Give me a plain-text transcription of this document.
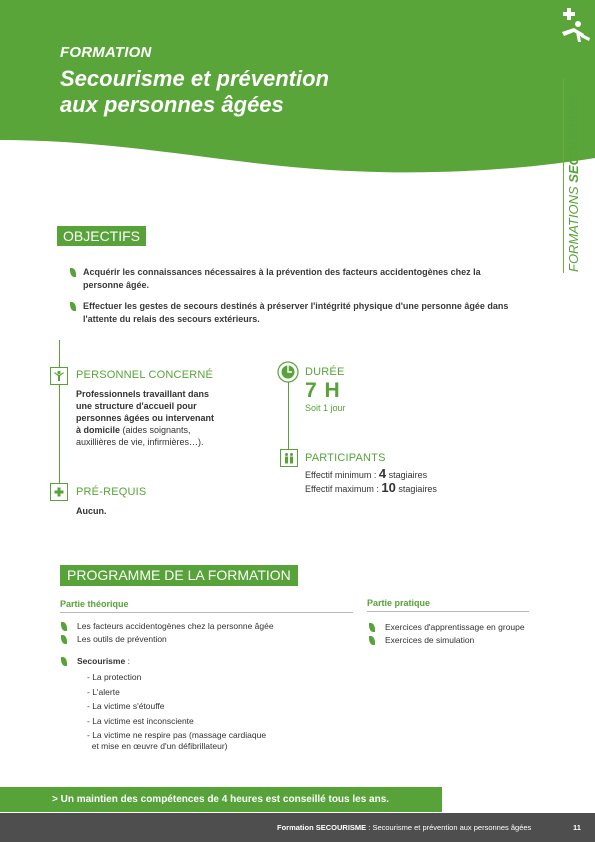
FORMATION
Secourisme et prévention
aux personnes âgées
FORMATIONS SECOURISME
OBJECTIFS
Acquérir les connaissances nécessaires à la prévention des facteurs accidentogènes chez la personne âgée.
Effectuer les gestes de secours destinés à préserver l'intégrité physique d'une personne âgée dans l'attente du relais des secours extérieurs.
PERSONNEL CONCERNÉ
Professionnels travaillant dans
une structure d'accueil pour
personnes âgées ou intervenant
à domicile (aides soignants,
auxillières de vie, infirmières…).
PRÉ-REQUIS
Aucun.
DURÉE
7 H
Soit 1 jour
PARTICIPANTS
Effectif minimum : 4 stagiaires
Effectif maximum : 10 stagiaires
PROGRAMME DE LA FORMATION
Partie théorique	Partie pratique
Les facteurs accidentogènes chez la personne âgée
Les outils de prévention
Secourisme :
- La protection
- L'alerte
- La victime s'étouffe
- La victime est inconsciente
- La victime ne respire pas (massage cardiaque
et mise en œuvre d'un défibrillateur)
Exercices d'apprentissage en groupe
Exercices de simulation
> Un maintien des compétences de 4 heures est conseillé tous les ans.
Formation SECOURISME : Secourisme et prévention aux personnes âgées	11
